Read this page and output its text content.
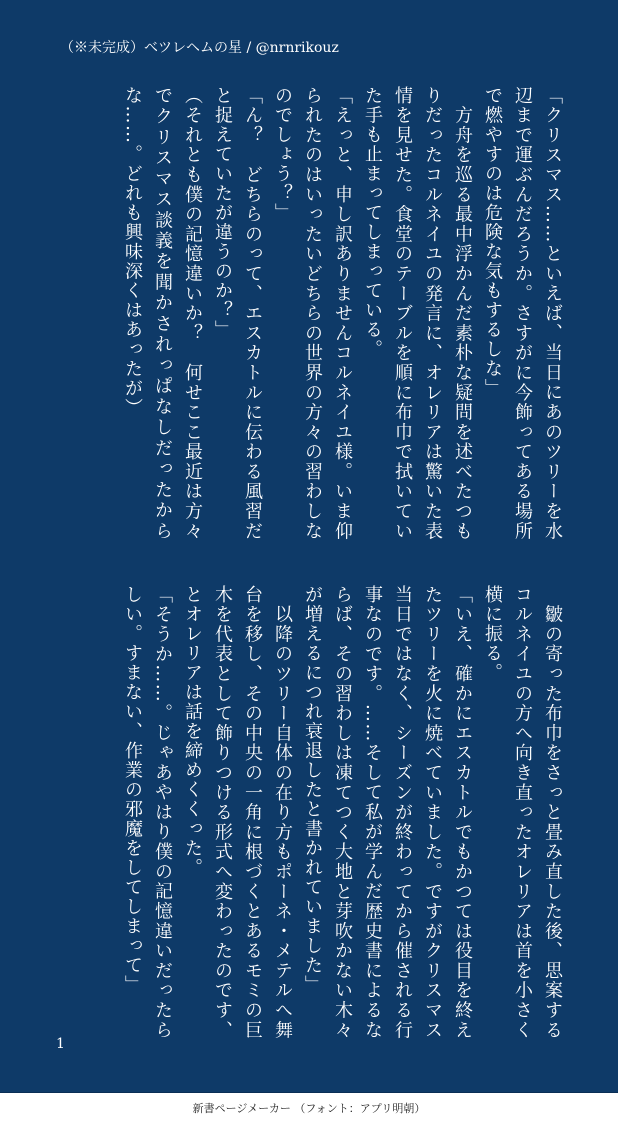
（※未完成）ベツレヘムの星 / @nrnrikouz
「クリスマス……といえば、当日にあのツリーを水辺まで運ぶんだろうか。さすがに今飾ってある場所で燃やすのは危険な気もするしな」
　方舟を巡る最中浮かんだ素朴な疑問を述べたつもりだったコルネイユの発言に、オレリアは驚いた表情を見せた。食堂のテーブルを順に布巾で拭いていた手も止まってしまっている。
「えっと、申し訳ありませんコルネイユ様。いま仰られたのはいったいどちらの世界の方々の習わしなのでしょう？」
「ん？　どちらのって、エスカトルに伝わる風習だと捉えていたが違うのか？」
（それとも僕の記憶違いか？　何せここ最近は方々でクリスマス談義を聞かされっぱなしだったからな……。どれも興味深くはあったが）
　皺の寄った布巾をさっと畳み直した後、思案するコルネイユの方へ向き直ったオレリアは首を小さく横に振る。
「いえ、確かにエスカトルでもかつては役目を終えたツリーを火に焼べていました。ですがクリスマス当日ではなく、シーズンが終わってから催される行事なのです。……そして私が学んだ歴史書によるならば、その習わしは凍てつく大地と芽吹かない木々が増えるにつれ衰退したと書かれていました」
　以降のツリー自体の在り方もポーネ・メテルへ舞台を移し、その中央の一角に根づくとあるモミの巨木を代表として飾りつける形式へ変わったのです、とオレリアは話を締めくくった。
「そうか……。じゃあやはり僕の記憶違いだったらしい。すまない、作業の邪魔をしてしまって」
1
新書ページメーカー （フォント：アプリ明朝）
